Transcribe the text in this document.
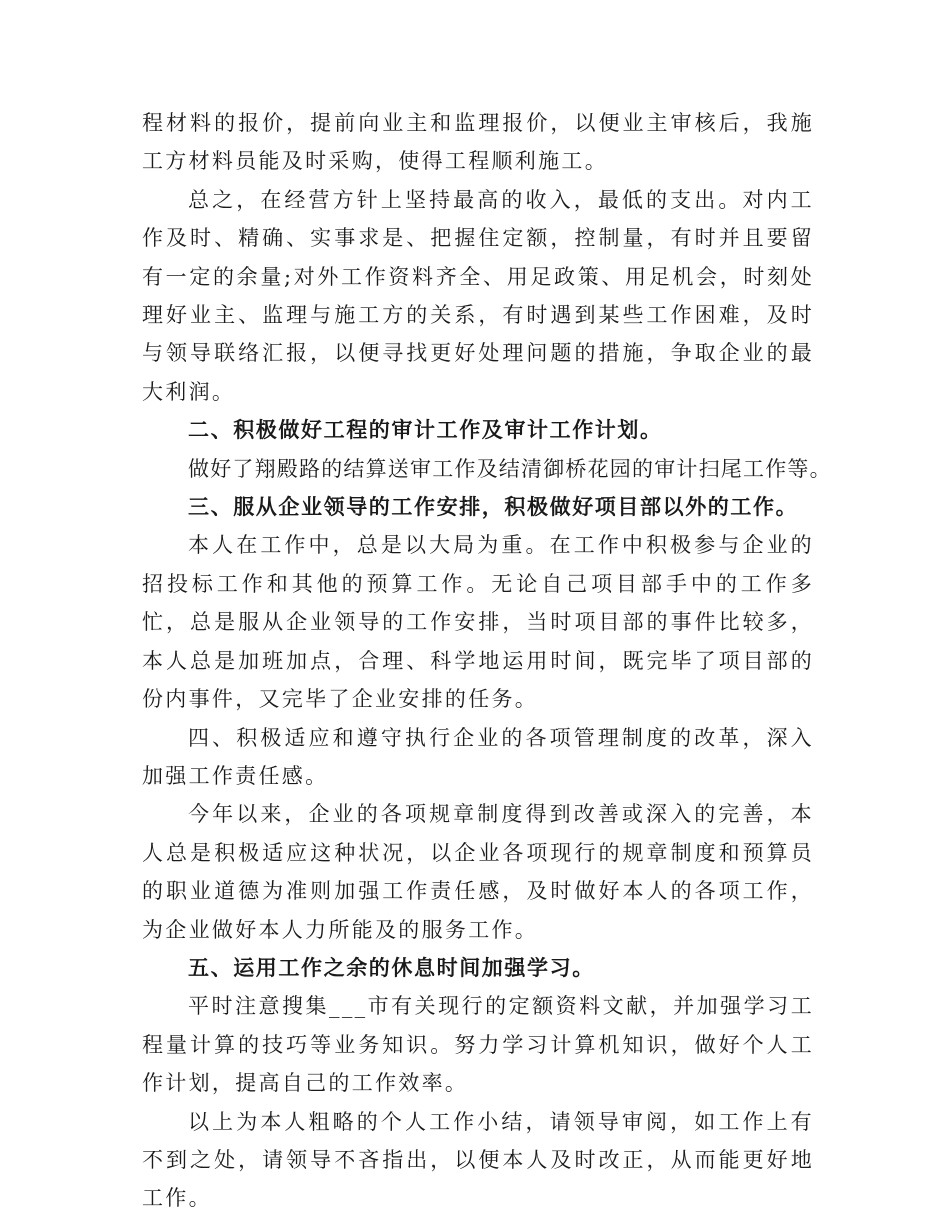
程材料的报价，提前向业主和监理报价，以便业主审核后，我施工方材料员能及时采购，使得工程顺利施工。

总之，在经营方针上坚持最高的收入，最低的支出。对内工作及时、精确、实事求是、把握住定额，控制量，有时并且要留有一定的余量;对外工作资料齐全、用足政策、用足机会，时刻处理好业主、监理与施工方的关系，有时遇到某些工作困难，及时与领导联络汇报，以便寻找更好处理问题的措施，争取企业的最大利润。

二、积极做好工程的审计工作及审计工作计划。

做好了翔殿路的结算送审工作及结清御桥花园的审计扫尾工作等。

三、服从企业领导的工作安排，积极做好项目部以外的工作。

本人在工作中，总是以大局为重。在工作中积极参与企业的招投标工作和其他的预算工作。无论自己项目部手中的工作多忙，总是服从企业领导的工作安排，当时项目部的事件比较多，本人总是加班加点，合理、科学地运用时间，既完毕了项目部的份内事件，又完毕了企业安排的任务。

四、积极适应和遵守执行企业的各项管理制度的改革，深入加强工作责任感。

今年以来，企业的各项规章制度得到改善或深入的完善，本人总是积极适应这种状况，以企业各项现行的规章制度和预算员的职业道德为准则加强工作责任感，及时做好本人的各项工作，为企业做好本人力所能及的服务工作。

五、运用工作之余的休息时间加强学习。

平时注意搜集___市有关现行的定额资料文献，并加强学习工程量计算的技巧等业务知识。努力学习计算机知识，做好个人工作计划，提高自己的工作效率。

以上为本人粗略的个人工作小结，请领导审阅，如工作上有不到之处，请领导不吝指出，以便本人及时改正，从而能更好地工作。
